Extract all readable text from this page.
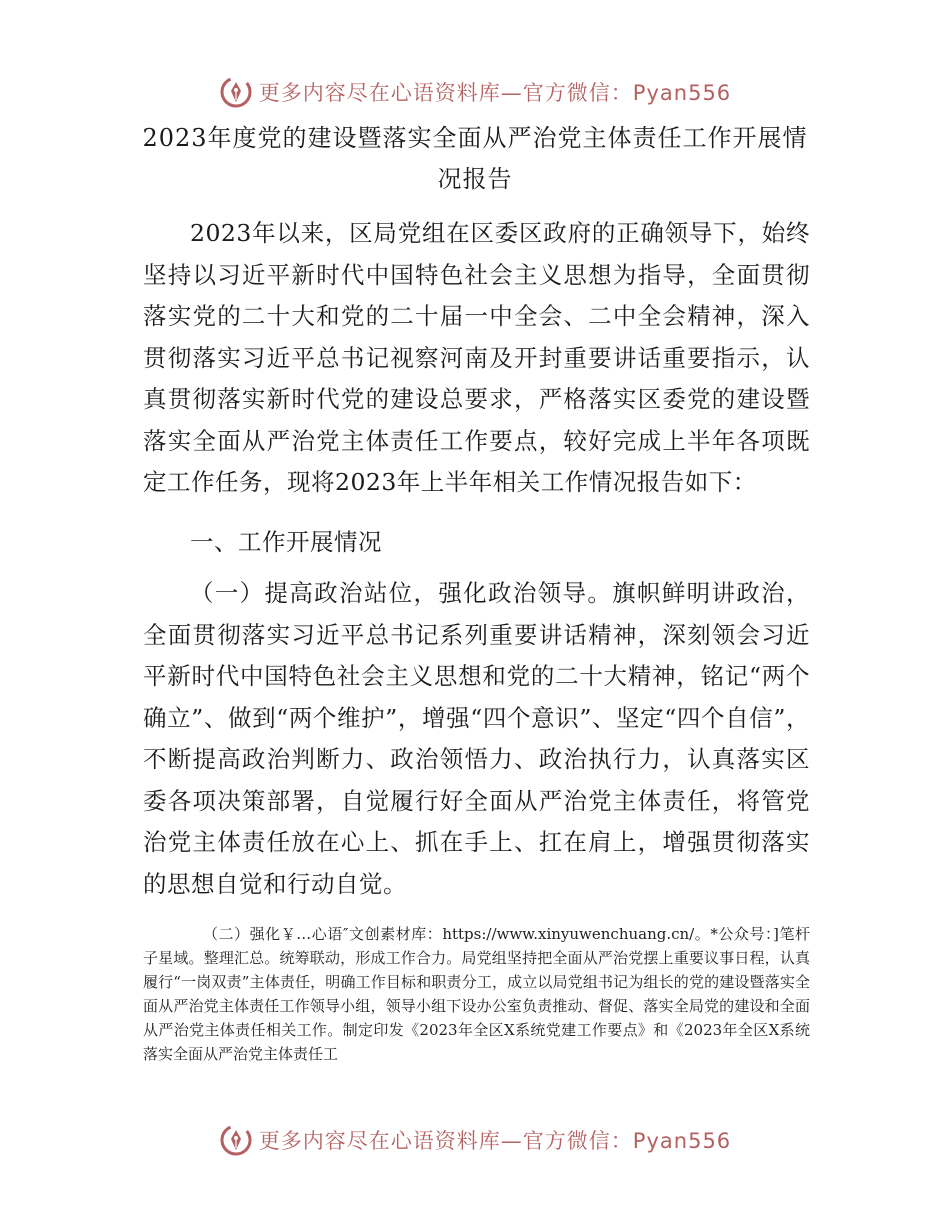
更多内容尽在心语资料库—官方微信：Pyan556
2023年度党的建设暨落实全面从严治党主体责任工作开展情况报告

2023年以来，区局党组在区委区政府的正确领导下，始终坚持以习近平新时代中国特色社会主义思想为指导，全面贯彻落实党的二十大和党的二十届一中全会、二中全会精神，深入贯彻落实习近平总书记视察河南及开封重要讲话重要指示，认真贯彻落实新时代党的建设总要求，严格落实区委党的建设暨落实全面从严治党主体责任工作要点，较好完成上半年各项既定工作任务，现将2023年上半年相关工作情况报告如下：

一、工作开展情况

（一）提高政治站位，强化政治领导。旗帜鲜明讲政治，全面贯彻落实习近平总书记系列重要讲话精神，深刻领会习近平新时代中国特色社会主义思想和党的二十大精神，铭记“两个确立”、做到“两个维护”，增强“四个意识”、坚定“四个自信”，不断提高政治判断力、政治领悟力、政治执行力，认真落实区委各项决策部署，自觉履行好全面从严治党主体责任，将管党治党主体责任放在心上、抓在手上、扛在肩上，增强贯彻落实的思想自觉和行动自觉。

（二）强化￥…心语″文创素材库：https://www.xinyuwenchuang.cn/。*公众号：]笔杆子星域。整理汇总。统筹联动，形成工作合力。局党组坚持把全面从严治党摆上重要议事日程，认真履行“一岗双责”主体责任，明确工作目标和职责分工，成立以局党组书记为组长的党的建设暨落实全面从严治党主体责任工作领导小组，领导小组下设办公室负责推动、督促、落实全局党的建设和全面从严治党主体责任相关工作。制定印发《2023年全区X系统党建工作要点》和《2023年全区X系统落实全面从严治党主体责任工

更多内容尽在心语资料库—官方微信：Pyan556
